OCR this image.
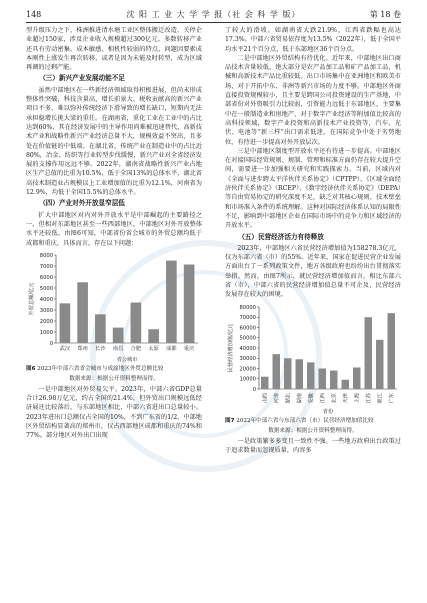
148	沈 阳 工 业 大 学 学 报（社 会 科 学 版）	第 18 卷

型升级压力之下，株洲推进清水塘工业区整体搬迁改造，关停企业超过150家，涉及企业收入规模超过300亿元。多数转移产业还具有劳动密集、成本敏感、相机性较弱的特点，问题因要素成本刚性上涨发生再次转移，或者是因为未能及时转型，成为区域再调的过剩产能。

（三）新兴产业发展动能不足

虽然中部地区在一些新经济领域取得积极进展，但尚未形成整体性突破，科技含量高、增长前景大、税收贡献高的新兴产业项目不多，难以弥补传统经济下滑导致的增长缺口，短期内无法承担稳增长挑大梁的重任。在湖南省，重化工业在工业中的占比达到60%，其在经济发展中的主导作用尚难被迅速替代，高新技术产业和战略性新兴产业经济总量不大，规模效益不突出，且多处在价值链的中低端。在湖北省，传统产业在制造业中的占比近80%，冶金、纺织等行业转型步伐缓慢，新兴产业对全省经济发展的支撑作用远远不够。2022年，湖南省战略性新兴产业占地区生产总值的比重为10.5%，低于全国13%的总体水平，湖北省高技术制造业占规模以上工业增加值的比重为12.1%，河南省为12.9%，均低于全国15.5%的总体水平。

（四）产业对外开放显窄层低

扩大中部地区对内对外开放水平是中部崛起的主要路径之一，但相对东部地区甚至一些西部地区，中部地区对外开放整体水平还较低。由图6可知，中部省份省会城市的外贸总额均低于成都和重庆，具体而言，存在以下问题：

0
1000
2000
3000
4000
5000
6000
7000
8000
外贸总额/亿元
武汉 郑州 长沙 南昌 合肥 太原 成都 重庆
省会城市

图6 2023年中部六省省会城市与成渝地区外贸总额比较

数据来源：根据公开资料整理而得。

一是中部地区对外贸易欠平。2023年，中部六省GDP总量合计26.98万亿元，约占全国的21.4%，但外贸出口规模远低经济展还比较落后，与东部地区相比，中部六省进出口总量较小。2023年进出口总额仅占全国的10%，不到广东省的1/2。中部地区外贸结构显著高的郑州市，仅占西部地区成都和重庆的74%和77%。部分地区对外出口出现

了较大的滑坡。如湖南省大跌21.9%，江西省跌幅也高达17.3%。中部六省贸易依存度为13.5%（2022年），低于全国平均水平21个百分点，低于东部地区36个百分点。

二是中部地区外贸结构有待优化。近年来，中部地区出口商品技术含量较低，绝大部分是农产品加工品和矿产品加工品，机械和高新技术产品比重较低。出口市场集中在亚洲地区和欧美市场，对于开拓中东、非洲等新兴市场的力度不够。中部地区外商直接投资规模较小，且主要是跨国公司投资建设的生产基地，中部省份对外资吸引力比较弱，引资能力远低于东部地区，主要集中在一般制造业和房地产，对于数字产业经济等附加值比较高的高科技领域，数字产业投资和高新技术产业投资等，汽车、光伏、电池等“新三样”出口需求低迷，在国际竞争中处于劣势地位，有待进一步提高对外开放层次。

三是中部地区制度型开放水平还有待进一步提高。中部地区在对接国际经贸规则、规制、管理和标准方面仍存在较大提升空间，需要进一步加强相关研究和实践探索力。当前，区域内对《全面与进步跨太平洋伙伴关系协定》（CPTPP）、《区域全面经济伙伴关系协定》（RCEP）、《数字经济伙伴关系协定》（DEPA）等自由贸易协定的研究深度不足，缺乏对其核心规则、技术壁垒和市场准入条件的系统理解。这种对国际经济体系认知的局限性不足，影响到中部地区企业在国际市场中的竞争力和区域经济的开放水平。

（五）民营经济活力有待释放

2023年，中部地区六省民营经济增加值为158278.3亿元，仅为东部六省（市）的55%。近年来，国家在促进民营企业发展方面出台了一系列政策文件，地方各级政府也纷纷出台贯彻落实举措。然而，由图7所示，就民营经济增加值而言，相比东部六省（市），中部六省的民营经济增加值总量不可企及，民营经济发展存在较大的困境。

0
10000
20000
30000
40000
50000
60000
70000
80000
民营经济增加值/亿元
山西	河南	湖北	湖南	安徽	江西	北京	天津	上海	江苏	浙江	广东
省份

图7 2022年中部六省与东部六省（市）民营经济增加值比较

数据来源：根据公开资料整理而得。

一是政策繁多多变且一致性不强。一些地方政府出台政策过于追求数量而忽视质量，内容多
